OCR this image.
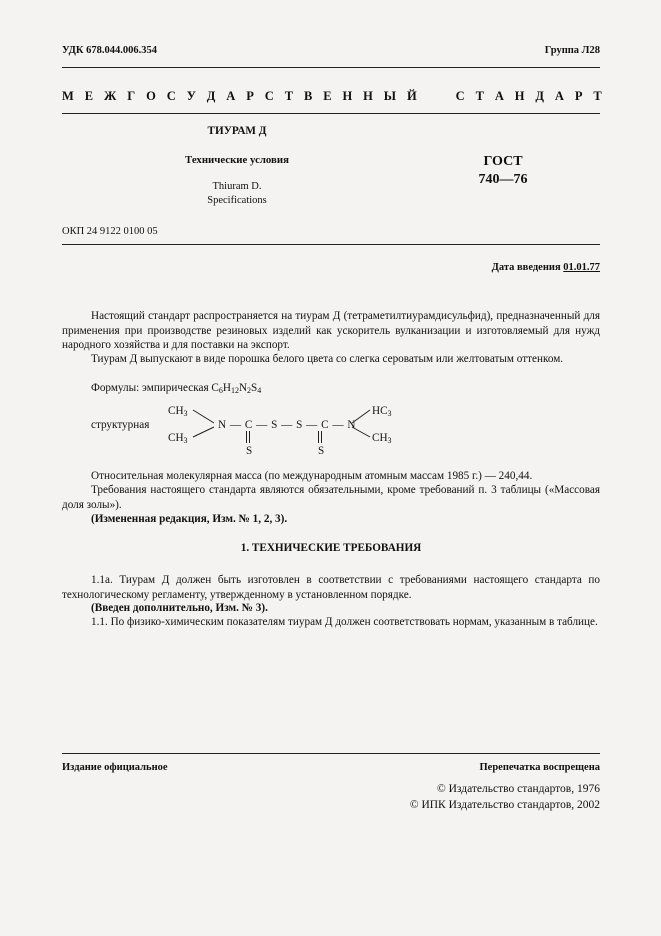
УДК 678.044.006.354	Группа Л28
М Е Ж Г О С У Д А Р С Т В Е Н Н Ы Й

	С Т А Н Д А Р Т
ТИУРАМ Д
Технические условия
Thiuram D.
Specifications
ГОСТ
740—76
ОКП 24 9122 0100 05
Дата введения 01.01.77
Настоящий стандарт распространяется на тиурам Д (тетраметилтиурамдисульфид), предназначенный для применения при производстве резиновых изделий как ускоритель вулканизации и изготовляемый для нужд народного хозяйства и для поставки на экспорт.
Тиурам Д выпускают в виде порошка белого цвета со слегка сероватым или желтоватым оттенком.
Формулы: эмпирическая $C_6H_{12}N_2S_4$
структурная
$CH_3$
$CH_3$
N — C — S — S — C — N
S	S
$HC_3$
$CH_3$
Относительная молекулярная масса (по международным атомным массам 1985 г.) — 240,44.
Требования настоящего стандарта являются обязательными, кроме требований п. 3 таблицы («Массовая доля золы»).
(Измененная редакция, Изм. № 1, 2, 3).
1. ТЕХНИЧЕСКИЕ ТРЕБОВАНИЯ
1.1а. Тиурам Д должен быть изготовлен в соответствии с требованиями настоящего стандарта по технологическому регламенту, утвержденному в установленном порядке.
(Введен дополнительно, Изм. № 3).
1.1. По физико-химическим показателям тиурам Д должен соответствовать нормам, указанным в таблице.
Издание официальное	Перепечатка воспрещена
© Издательство стандартов, 1976
© ИПК Издательство стандартов, 2002
